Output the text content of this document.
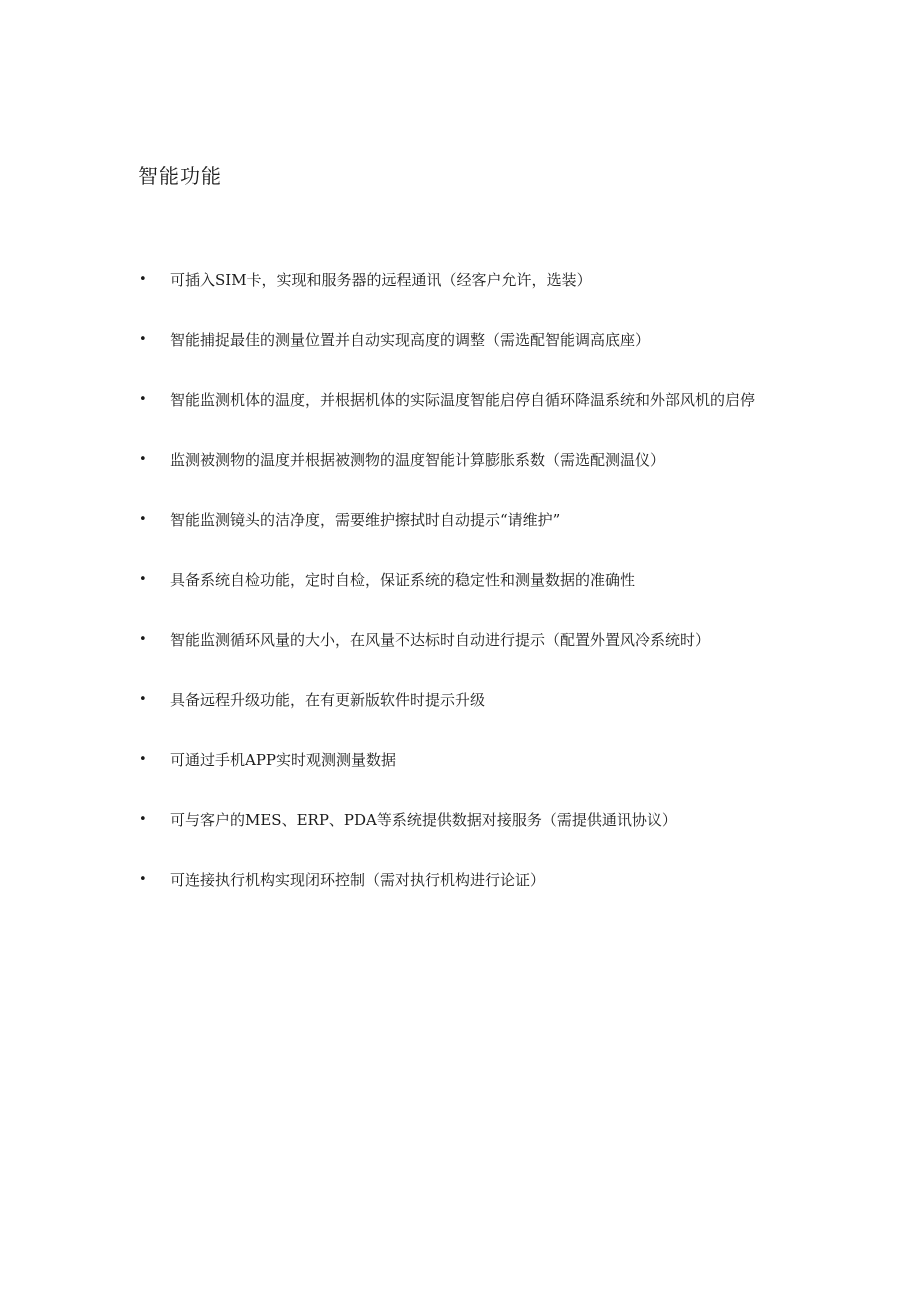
智能功能
• 可插入SIM卡，实现和服务器的远程通讯（经客户允许，选装）
• 智能捕捉最佳的测量位置并自动实现高度的调整（需选配智能调高底座）
• 智能监测机体的温度，并根据机体的实际温度智能启停自循环降温系统和外部风机的启停
• 监测被测物的温度并根据被测物的温度智能计算膨胀系数（需选配测温仪）
• 智能监测镜头的洁净度，需要维护擦拭时自动提示“请维护”
• 具备系统自检功能，定时自检，保证系统的稳定性和测量数据的准确性
• 智能监测循环风量的大小，在风量不达标时自动进行提示（配置外置风冷系统时）
• 具备远程升级功能，在有更新版软件时提示升级
• 可通过手机APP实时观测测量数据
• 可与客户的MES、ERP、PDA等系统提供数据对接服务（需提供通讯协议）
• 可连接执行机构实现闭环控制（需对执行机构进行论证）
